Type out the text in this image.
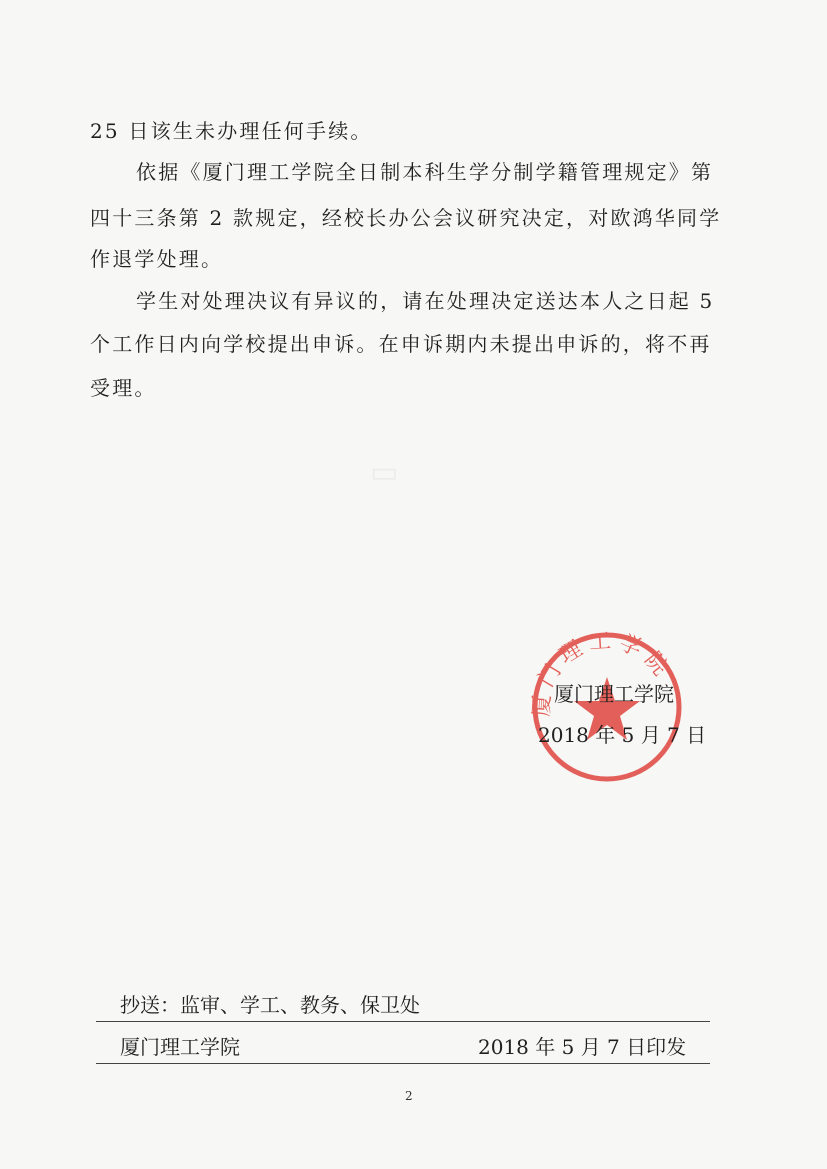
25 日该生未办理任何手续。
依据《厦门理工学院全日制本科生学分制学籍管理规定》第
四十三条第 2 款规定，经校长办公会议研究决定，对欧鸿华同学
作退学处理。
学生对处理决议有异议的，请在处理决定送达本人之日起 5
个工作日内向学校提出申诉。在申诉期内未提出申诉的，将不再
受理。
厦门理工学院
厦门理工学院
2018 年 5 月 7 日
抄送：监审、学工、教务、保卫处
厦门理工学院	2018 年 5 月 7 日印发
2
